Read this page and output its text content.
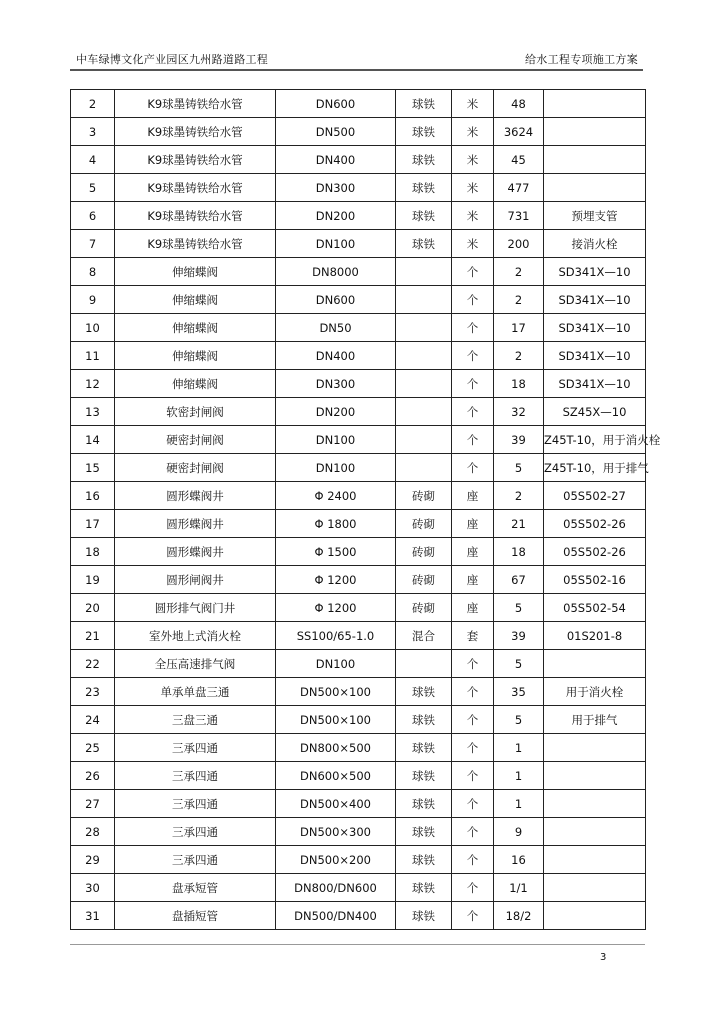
中车绿博文化产业园区九州路道路工程	给水工程专项施工方案
2	K9球墨铸铁给水管	DN600	球铁	米	48	
3	K9球墨铸铁给水管	DN500	球铁	米	3624	
4	K9球墨铸铁给水管	DN400	球铁	米	45	
5	K9球墨铸铁给水管	DN300	球铁	米	477	
6	K9球墨铸铁给水管	DN200	球铁	米	731	预埋支管
7	K9球墨铸铁给水管	DN100	球铁	米	200	接消火栓
8	伸缩蝶阀	DN8000		个	2	SD341X—10
9	伸缩蝶阀	DN600		个	2	SD341X—10
10	伸缩蝶阀	DN50		个	17	SD341X—10
11	伸缩蝶阀	DN400		个	2	SD341X—10
12	伸缩蝶阀	DN300		个	18	SD341X—10
13	软密封闸阀	DN200		个	32	SZ45X—10
14	硬密封闸阀	DN100		个	39	Z45T-10，用于消火栓
15	硬密封闸阀	DN100		个	5	Z45T-10，用于排气
16	圆形蝶阀井	Φ 2400	砖砌	座	2	05S502-27
17	圆形蝶阀井	Φ 1800	砖砌	座	21	05S502-26
18	圆形蝶阀井	Φ 1500	砖砌	座	18	05S502-26
19	圆形闸阀井	Φ 1200	砖砌	座	67	05S502-16
20	圆形排气阀门井	Φ 1200	砖砌	座	5	05S502-54
21	室外地上式消火栓	SS100/65-1.0	混合	套	39	01S201-8
22	全压高速排气阀	DN100		个	5	
23	单承单盘三通	DN500×100	球铁	个	35	用于消火栓
24	三盘三通	DN500×100	球铁	个	5	用于排气
25	三承四通	DN800×500	球铁	个	1	
26	三承四通	DN600×500	球铁	个	1	
27	三承四通	DN500×400	球铁	个	1	
28	三承四通	DN500×300	球铁	个	9	
29	三承四通	DN500×200	球铁	个	16	
30	盘承短管	DN800/DN600	球铁	个	1/1	
31	盘插短管	DN500/DN400	球铁	个	18/2	
3
